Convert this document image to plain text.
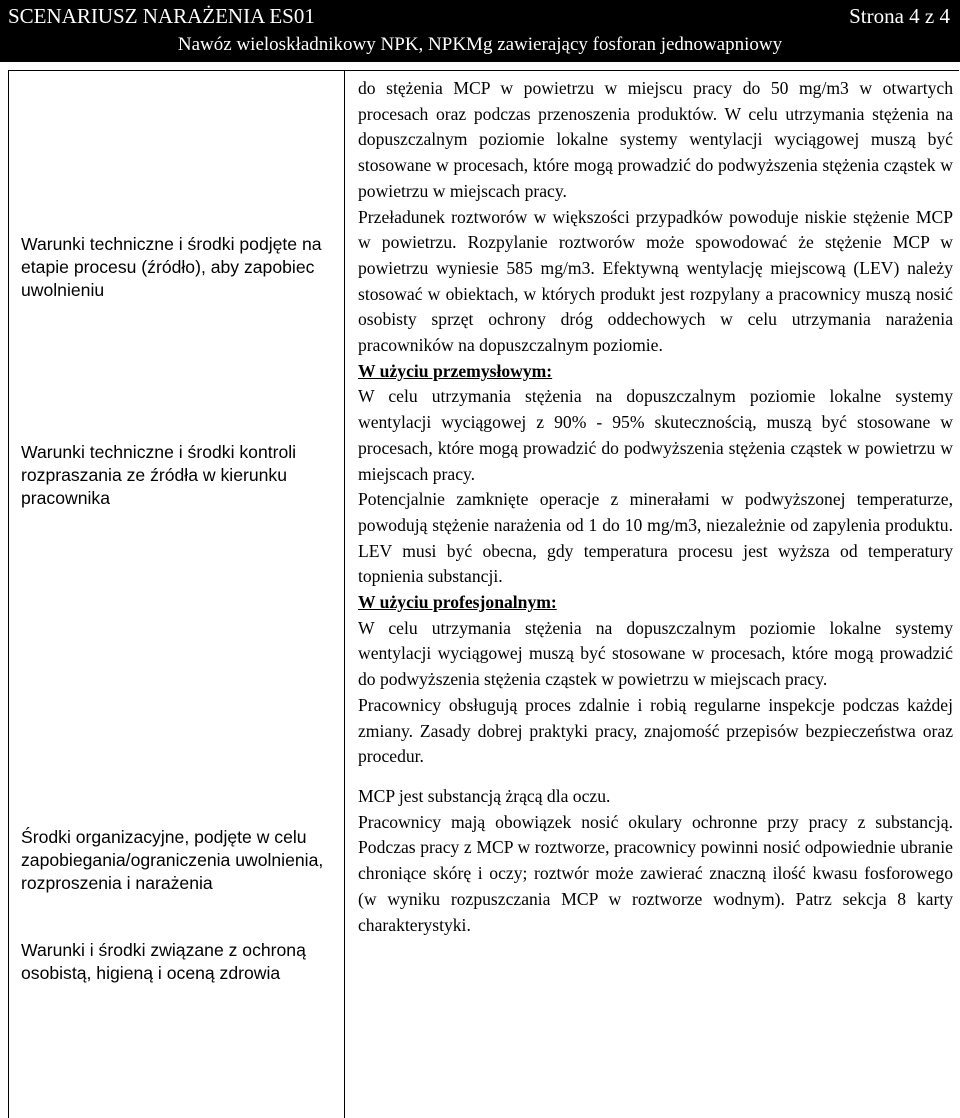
SCENARIUSZ NARAŻENIA ES01	Strona 4 z 4
Nawóz wieloskładnikowy NPK, NPKMg zawierający fosforan jednowapniowy

Warunki techniczne i środki podjęte na etapie procesu (źródło), aby zapobiec uwolnieniu

Warunki techniczne i środki kontroli rozpraszania ze źródła w kierunku pracownika

Środki organizacyjne, podjęte w celu zapobiegania/ograniczenia uwolnienia, rozproszenia i narażenia

Warunki i środki związane z ochroną osobistą, higieną i oceną zdrowia

do stężenia MCP w powietrzu w miejscu pracy do 50 mg/m3 w otwartych procesach oraz podczas przenoszenia produktów. W celu utrzymania stężenia na dopuszczalnym poziomie lokalne systemy wentylacji wyciągowej muszą być stosowane w procesach, które mogą prowadzić do podwyższenia stężenia cząstek w powietrzu w miejscach pracy.

Przeładunek roztworów w większości przypadków powoduje niskie stężenie MCP w powietrzu. Rozpylanie roztworów może spowodować że stężenie MCP w powietrzu wyniesie 585 mg/m3. Efektywną wentylację miejscową (LEV) należy stosować w obiektach, w których produkt jest rozpylany a pracownicy muszą nosić osobisty sprzęt ochrony dróg oddechowych w celu utrzymania narażenia pracowników na dopuszczalnym poziomie.

W użyciu przemysłowym:

W celu utrzymania stężenia na dopuszczalnym poziomie lokalne systemy wentylacji wyciągowej z 90% - 95% skutecznością, muszą być stosowane w procesach, które mogą prowadzić do podwyższenia stężenia cząstek w powietrzu w miejscach pracy.

Potencjalnie zamknięte operacje z minerałami w podwyższonej temperaturze, powodują stężenie narażenia od 1 do 10 mg/m3, niezależnie od zapylenia produktu. LEV musi być obecna, gdy temperatura procesu jest wyższa od temperatury topnienia substancji.

W użyciu profesjonalnym:

W celu utrzymania stężenia na dopuszczalnym poziomie lokalne systemy wentylacji wyciągowej muszą być stosowane w procesach, które mogą prowadzić do podwyższenia stężenia cząstek w powietrzu w miejscach pracy.

Pracownicy obsługują proces zdalnie i robią regularne inspekcje podczas każdej zmiany. Zasady dobrej praktyki pracy, znajomość przepisów bezpieczeństwa oraz procedur.

MCP jest substancją żrącą dla oczu.

Pracownicy mają obowiązek nosić okulary ochronne przy pracy z substancją. Podczas pracy z MCP w roztworze, pracownicy powinni nosić odpowiednie ubranie chroniące skórę i oczy; roztwór może zawierać znaczną ilość kwasu fosforowego (w wyniku rozpuszczania MCP w roztworze wodnym). Patrz sekcja 8 karty charakterystyki.
